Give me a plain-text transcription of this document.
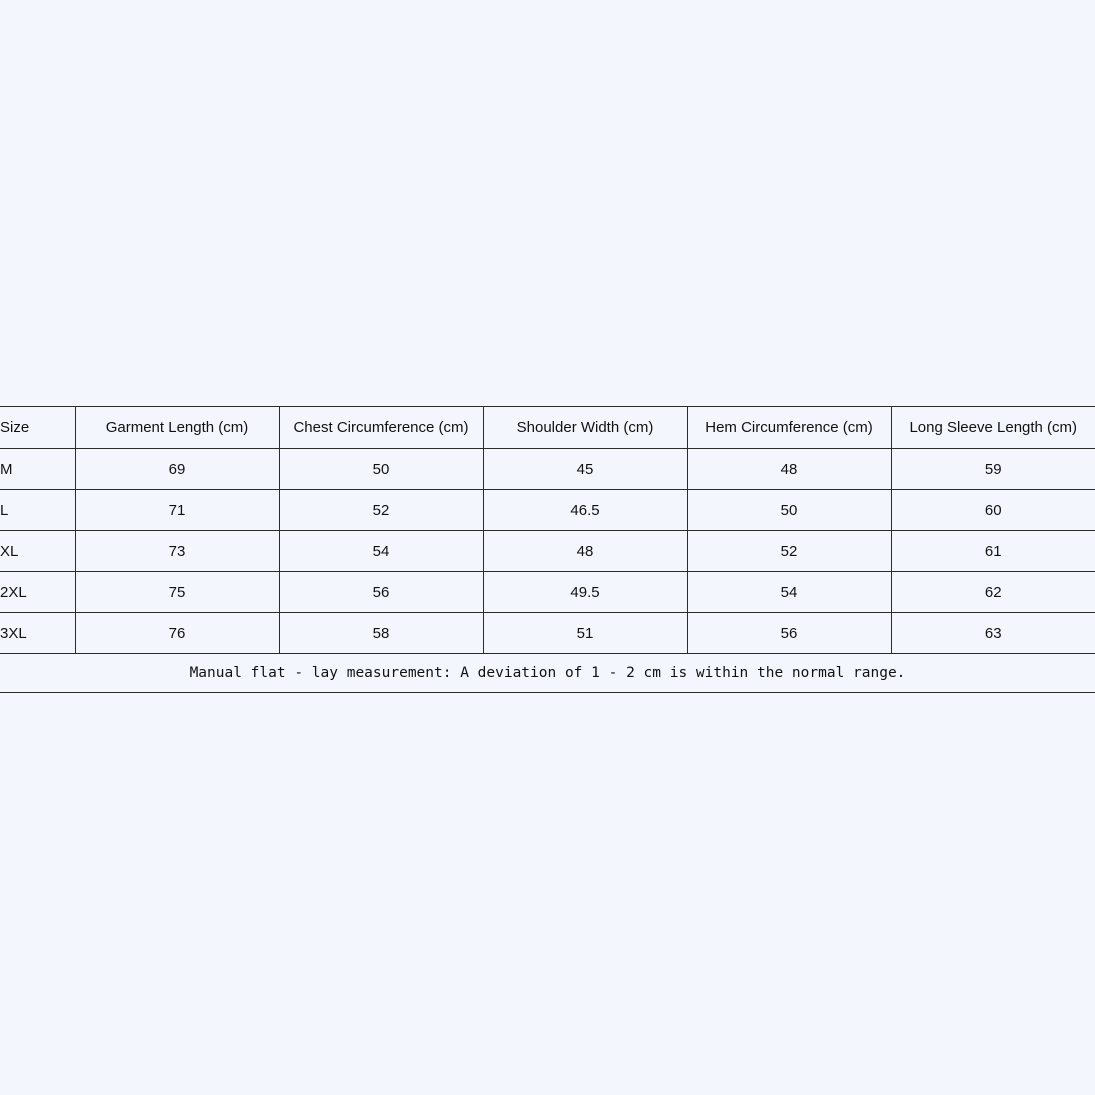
Size	Garment Length (cm)	Chest Circumference (cm)	Shoulder Width (cm)	Hem Circumference (cm)	Long Sleeve Length (cm)
M	69	50	45	48	59
L	71	52	46.5	50	60
XL	73	54	48	52	61
2XL	75	56	49.5	54	62
3XL	76	58	51	56	63
Manual flat - lay measurement: A deviation of 1 - 2 cm is within the normal range.					
